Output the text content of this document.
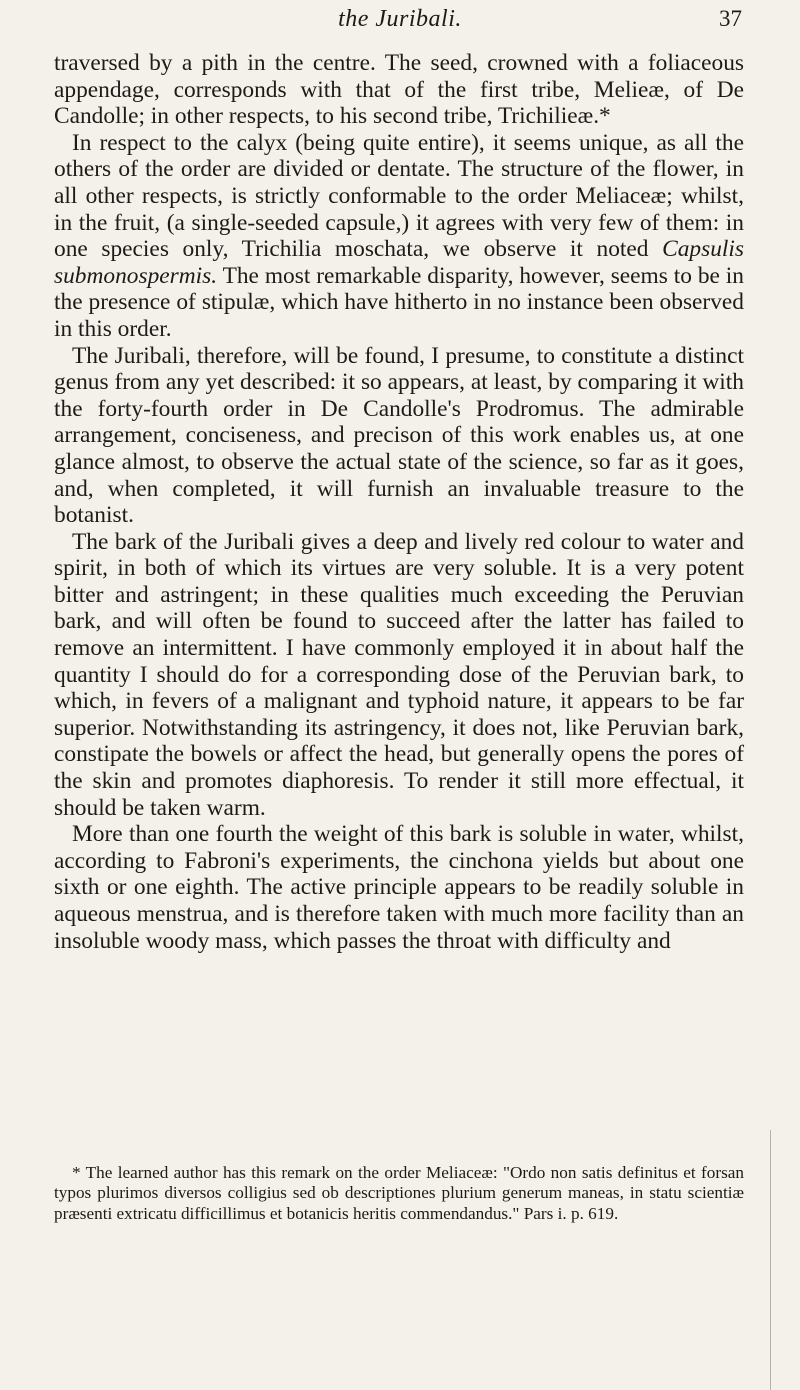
the Juribali.	37

traversed by a pith in the centre. The seed, crowned with a foliaceous appendage, corresponds with that of the first tribe, Melieæ, of De Candolle; in other respects, to his second tribe, Trichilieæ.*

In respect to the calyx (being quite entire), it seems unique, as all the others of the order are divided or dentate. The structure of the flower, in all other respects, is strictly conformable to the order Meliaceæ; whilst, in the fruit, (a single-seeded capsule,) it agrees with very few of them: in one species only, Trichilia moschata, we observe it noted Capsulis submonospermis. The most remarkable disparity, however, seems to be in the presence of stipulæ, which have hitherto in no instance been observed in this order.

The Juribali, therefore, will be found, I presume, to constitute a distinct genus from any yet described: it so appears, at least, by comparing it with the forty-fourth order in De Candolle's Prodromus. The admirable arrangement, conciseness, and precison of this work enables us, at one glance almost, to observe the actual state of the science, so far as it goes, and, when completed, it will furnish an invaluable treasure to the botanist.

The bark of the Juribali gives a deep and lively red colour to water and spirit, in both of which its virtues are very soluble. It is a very potent bitter and astringent; in these qualities much exceeding the Peruvian bark, and will often be found to succeed after the latter has failed to remove an intermittent. I have commonly employed it in about half the quantity I should do for a corresponding dose of the Peruvian bark, to which, in fevers of a malignant and typhoid nature, it appears to be far superior. Notwithstanding its astringency, it does not, like Peruvian bark, constipate the bowels or affect the head, but generally opens the pores of the skin and promotes diaphoresis. To render it still more effectual, it should be taken warm.

More than one fourth the weight of this bark is soluble in water, whilst, according to Fabroni's experiments, the cinchona yields but about one sixth or one eighth. The active principle appears to be readily soluble in aqueous menstrua, and is therefore taken with much more facility than an insoluble woody mass, which passes the throat with difficulty and

* The learned author has this remark on the order Meliaceæ: "Ordo non satis definitus et forsan typos plurimos diversos colligius sed ob descriptiones plurium generum maneas, in statu scientiæ præsenti extricatu difficillimus et botanicis heritis commendandus." Pars i. p. 619.
